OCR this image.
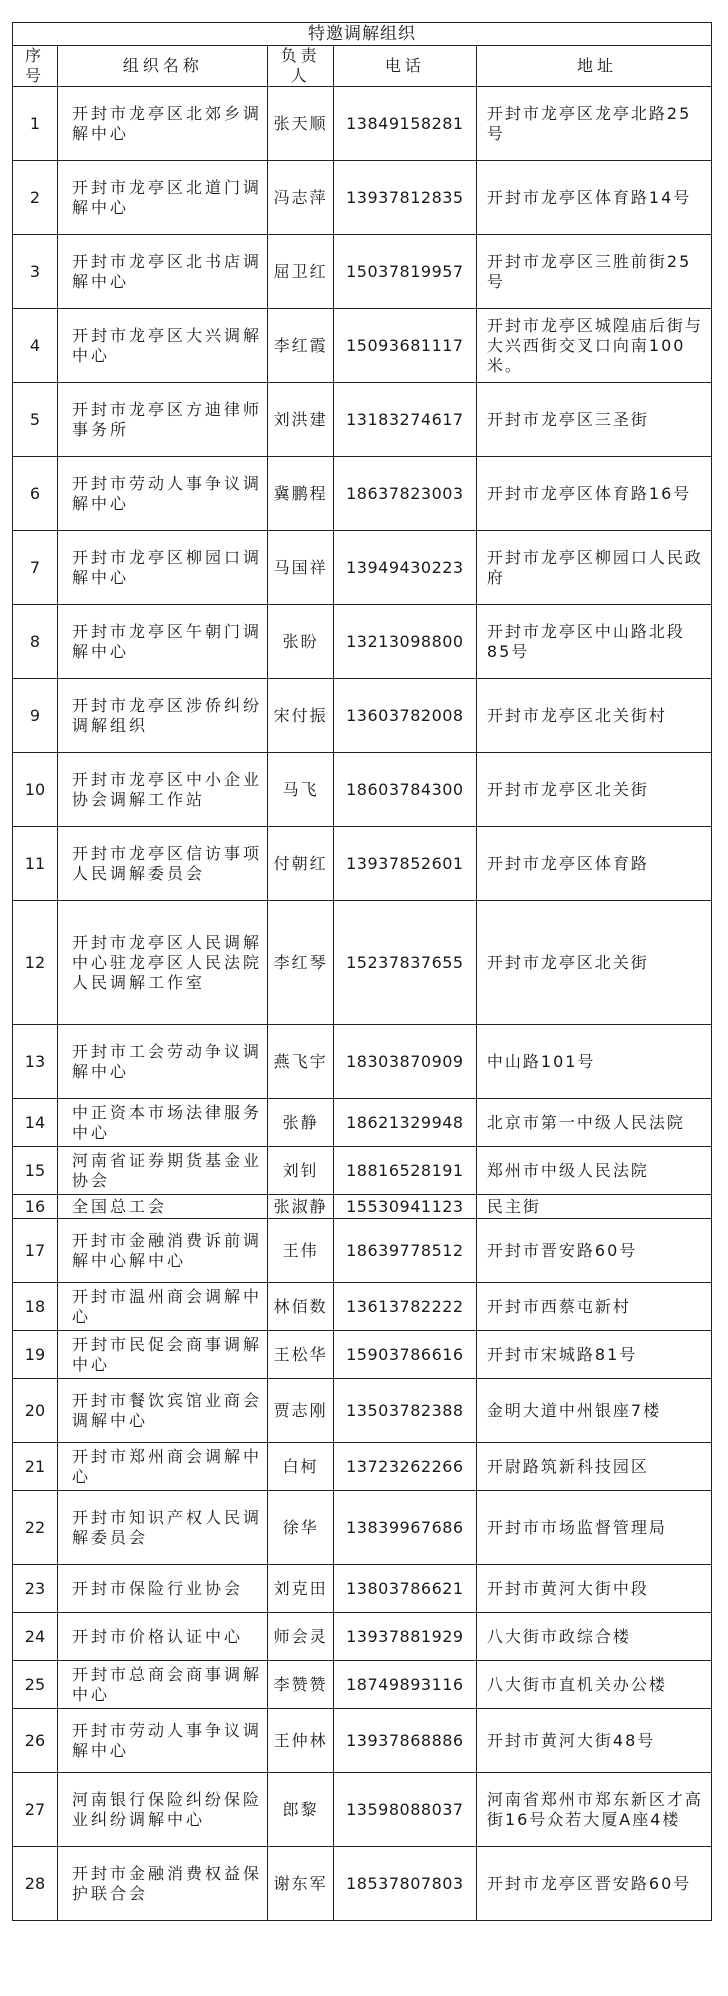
特邀调解组织				
序号	组织名称	负责人	电话	地址
1	开封市龙亭区北郊乡调解中心	张天顺	13849158281	开封市龙亭区龙亭北路25号
2	开封市龙亭区北道门调解中心	冯志萍	13937812835	开封市龙亭区体育路14号
3	开封市龙亭区北书店调解中心	屈卫红	15037819957	开封市龙亭区三胜前街25号
4	开封市龙亭区大兴调解中心	李红霞	15093681117	开封市龙亭区城隍庙后街与大兴西街交叉口向南100米。
5	开封市龙亭区方迪律师事务所	刘洪建	13183274617	开封市龙亭区三圣街
6	开封市劳动人事争议调解中心	冀鹏程	18637823003	开封市龙亭区体育路16号
7	开封市龙亭区柳园口调解中心	马国祥	13949430223	开封市龙亭区柳园口人民政府
8	开封市龙亭区午朝门调解中心	张盼	13213098800	开封市龙亭区中山路北段85号
9	开封市龙亭区涉侨纠纷调解组织	宋付振	13603782008	开封市龙亭区北关街村
10	开封市龙亭区中小企业协会调解工作站	马飞	18603784300	开封市龙亭区北关街
11	开封市龙亭区信访事项人民调解委员会	付朝红	13937852601	开封市龙亭区体育路
12	开封市龙亭区人民调解中心驻龙亭区人民法院人民调解工作室	李红琴	15237837655	开封市龙亭区北关街
13	开封市工会劳动争议调解中心	燕飞宇	18303870909	中山路101号
14	中正资本市场法律服务中心	张静	18621329948	北京市第一中级人民法院
15	河南省证券期货基金业协会	刘钊	18816528191	郑州市中级人民法院
16	全国总工会	张淑静	15530941123	民主街
17	开封市金融消费诉前调解中心解中心	王伟	18639778512	开封市晋安路60号
18	开封市温州商会调解中心	林佰数	13613782222	开封市西蔡屯新村
19	开封市民促会商事调解中心	王松华	15903786616	开封市宋城路81号
20	开封市餐饮宾馆业商会调解中心	贾志刚	13503782388	金明大道中州银座7楼
21	开封市郑州商会调解中心	白柯	13723262266	开尉路筑新科技园区
22	开封市知识产权人民调解委员会	徐华	13839967686	开封市市场监督管理局
23	开封市保险行业协会	刘克田	13803786621	开封市黄河大街中段
24	开封市价格认证中心	师会灵	13937881929	八大街市政综合楼
25	开封市总商会商事调解中心	李赞赞	18749893116	八大街市直机关办公楼
26	开封市劳动人事争议调解中心	王仲林	13937868886	开封市黄河大街48号
27	河南银行保险纠纷保险业纠纷调解中心	郎黎	13598088037	河南省郑州市郑东新区才高街16号众若大厦A座4楼
28	开封市金融消费权益保护联合会	谢东军	18537807803	开封市龙亭区晋安路60号
